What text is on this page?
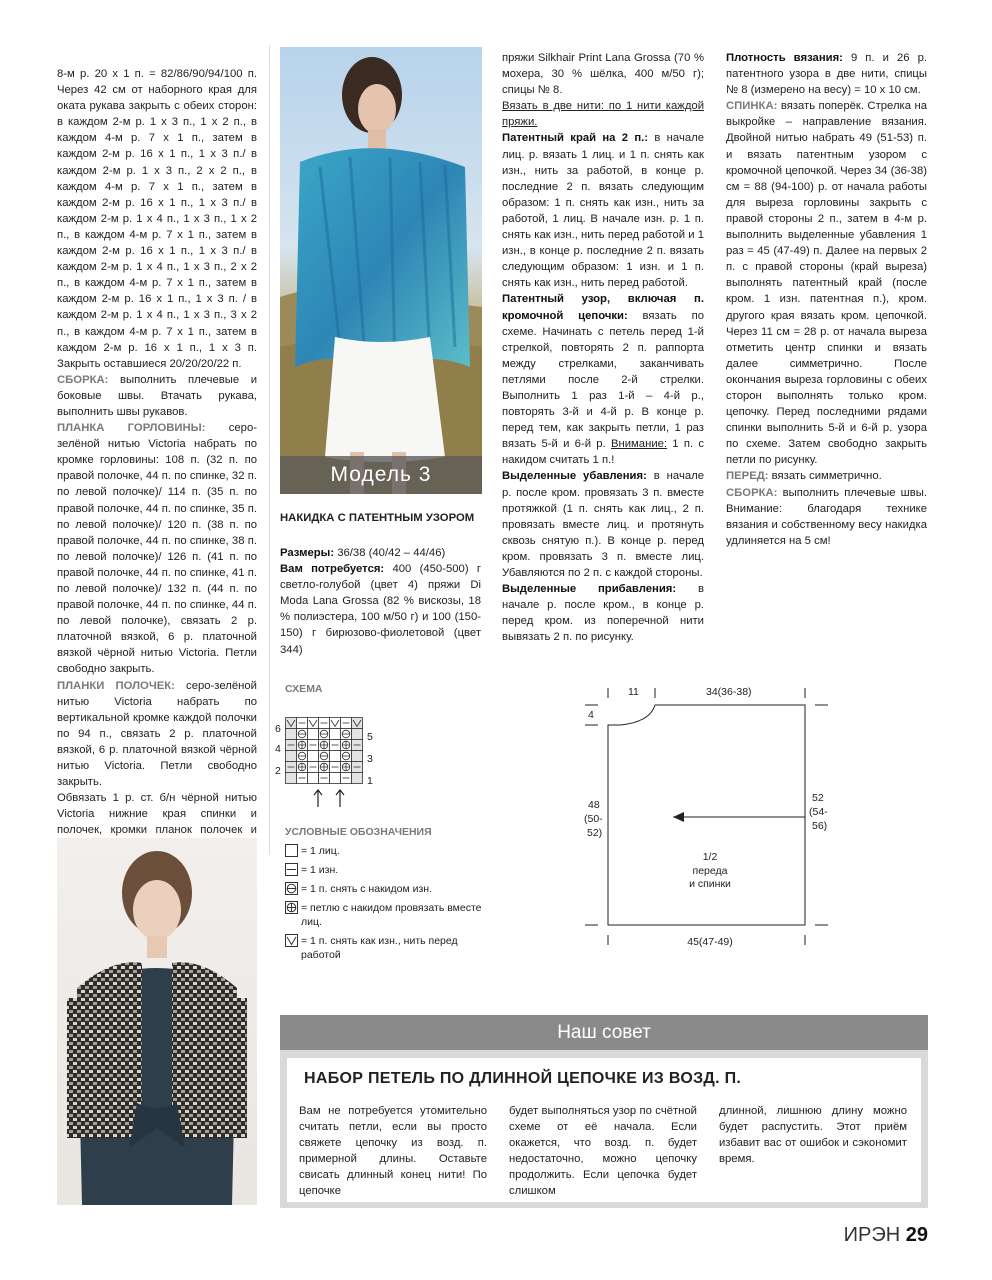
8-м р. 20 х 1 п. = 82/86/90/94/100 п. Через 42 см от наборного края для оката рукава закрыть с обеих сторон: в каждом 2-м р. 1 х 3 п., 1 х 2 п., в каждом 4-м р. 7 х 1 п., затем в каждом 2-м р. 16 х 1 п., 1 х 3 п./ в каждом 2-м р. 1 х 3 п., 2 х 2 п., в каждом 4-м р. 7 х 1 п., затем в каждом 2-м р. 16 х 1 п., 1 х 3 п./ в каждом 2-м р. 1 х 4 п., 1 х 3 п., 1 х 2 п., в каждом 4-м р. 7 х 1 п., затем в каждом 2-м р. 16 х 1 п., 1 х 3 п./ в каждом 2-м р. 1 х 4 п., 1 х 3 п., 2 х 2 п., в каждом 4-м р. 7 х 1 п., затем в каждом 2-м р. 16 х 1 п., 1 х 3 п. / в каждом 2-м р. 1 х 4 п., 1 х 3 п., 3 х 2 п., в каждом 4-м р. 7 х 1 п., затем в каждом 2-м р. 16 х 1 п., 1 х 3 п. Закрыть оставшиеся 20/20/20/22 п.

СБОРКА: выполнить плечевые и боковые швы. Втачать рукава, выполнить швы рукавов.

ПЛАНКА ГОРЛОВИНЫ: серо-зелёной нитью Victoria набрать по кромке горловины: 108 п. (32 п. по правой полочке, 44 п. по спинке, 32 п. по левой полочке)/ 114 п. (35 п. по правой полочке, 44 п. по спинке, 35 п. по левой полочке)/ 120 п. (38 п. по правой полочке, 44 п. по спинке, 38 п. по левой полочке)/ 126 п. (41 п. по правой полочке, 44 п. по спинке, 41 п. по левой полочке)/ 132 п. (44 п. по правой полочке, 44 п. по спинке, 44 п. по левой полочке), связать 2 р. платочной вязкой, 6 р. платочной вязкой чёрной нитью Victoria. Петли свободно закрыть.

ПЛАНКИ ПОЛОЧЕК: серо-зелёной нитью Victoria набрать по вертикальной кромке каждой полочки по 94 п., связать 2 р. платочной вязкой, 6 р. платочной вязкой чёрной нитью Victoria. Петли свободно закрыть.

Обвязать 1 р. ст. б/н чёрной нитью Victoria нижние края спинки и полочек, кромки планок полочек и

Модель 3
НАКИДКА С ПАТЕНТНЫМ УЗОРОМ

Размеры: 36/38 (40/42 – 44/46)

Вам потребуется: 400 (450-500) г светло-голубой (цвет 4) пряжи Di Moda Lana Grossa (82 % вискозы, 18 % полиэстера, 100 м/50 г) и 100 (150-150) г бирюзово-фиолетовой (цвет 344)

пряжи Silkhair Print Lana Grossa (70 % мохера, 30 % шёлка, 400 м/50 г); спицы № 8.

Вязать в две нити: по 1 нити каждой пряжи.

Патентный край на 2 п.: в начале лиц. р. вязать 1 лиц. и 1 п. снять как изн., нить за работой, в конце р. последние 2 п. вязать следующим образом: 1 п. снять как изн., нить за работой, 1 лиц. В начале изн. р. 1 п. снять как изн., нить перед работой и 1 изн., в конце р. последние 2 п. вязать следующим образом: 1 изн. и 1 п. снять как изн., нить перед работой.

Патентный узор, включая п. кромочной цепочки: вязать по схеме. Начинать с петель перед 1-й стрелкой, повторять 2 п. раппорта между стрелками, заканчивать петлями после 2-й стрелки. Выполнить 1 раз 1-й – 4-й р., повторять 3-й и 4-й р. В конце р. перед тем, как закрыть петли, 1 раз вязать 5-й и 6-й р. Внимание: 1 п. с накидом считать 1 п.!

Выделенные убавления: в начале р. после кром. провязать 3 п. вместе протяжкой (1 п. снять как лиц., 2 п. провязать вместе лиц. и протянуть сквозь снятую п.). В конце р. перед кром. провязать 3 п. вместе лиц. Убавляются по 2 п. с каждой стороны.

Выделенные прибавления: в начале р. после кром., в конце р. перед кром. из поперечной нити вывязать 2 п. по рисунку.

Плотность вязания: 9 п. и 26 р. патентного узора в две нити, спицы № 8 (измерено на весу) = 10 х 10 см.

СПИНКА: вязать поперёк. Стрелка на выкройке – направление вязания. Двойной нитью набрать 49 (51-53) п. и вязать патентным узором с кромочной цепочкой. Через 34 (36-38) см = 88 (94-100) р. от начала работы для выреза горловины закрыть с правой стороны 2 п., затем в 4-м р. выполнить выделенные убавления 1 раз = 45 (47-49) п. Далее на первых 2 п. с правой стороны (край выреза) выполнять патентный край (после кром. 1 изн. патентная п.), кром. другого края вязать кром. цепочкой. Через 11 см = 28 р. от начала выреза отметить центр спинки и вязать далее симметрично. После окончания выреза горловины с обеих сторон выполнять только кром. цепочку. Перед последними рядами спинки выполнить 5-й и 6-й р. узора по схеме. Затем свободно закрыть петли по рисунку.

ПЕРЕД: вязать симметрично.

СБОРКА: выполнить плечевые швы. Внимание: благодаря технике вязания и собственному весу накидка удлиняется на 5 см!

СХЕМА
6
4
2
5
3
1
УСЛОВНЫЕ ОБОЗНАЧЕНИЯ
= 1 лиц.
= 1 изн.
= 1 п. снять с накидом изн.
= петлю с накидом провязать вместе лиц.
= 1 п. снять как изн., нить перед работой
11	34(36-38)
4
48
(50-
52)
52
(54-
56)
1/2
переда
и спинки
45(47-49)
Наш совет
НАБОР ПЕТЕЛЬ ПО ДЛИННОЙ ЦЕПОЧКЕ ИЗ ВОЗД. П.
Вам не потребуется утомительно считать петли, если вы просто свяжете цепочку из возд. п. примерной длины. Оставьте свисать длинный конец нити! По цепочке
будет выполняться узор по счётной схеме от её начала. Если окажется, что возд. п. будет недостаточно, можно цепочку продолжить. Если цепочка будет слишком
длинной, лишнюю длину можно будет распустить. Этот приём избавит вас от ошибок и сэкономит время.
ИРЭН 29
